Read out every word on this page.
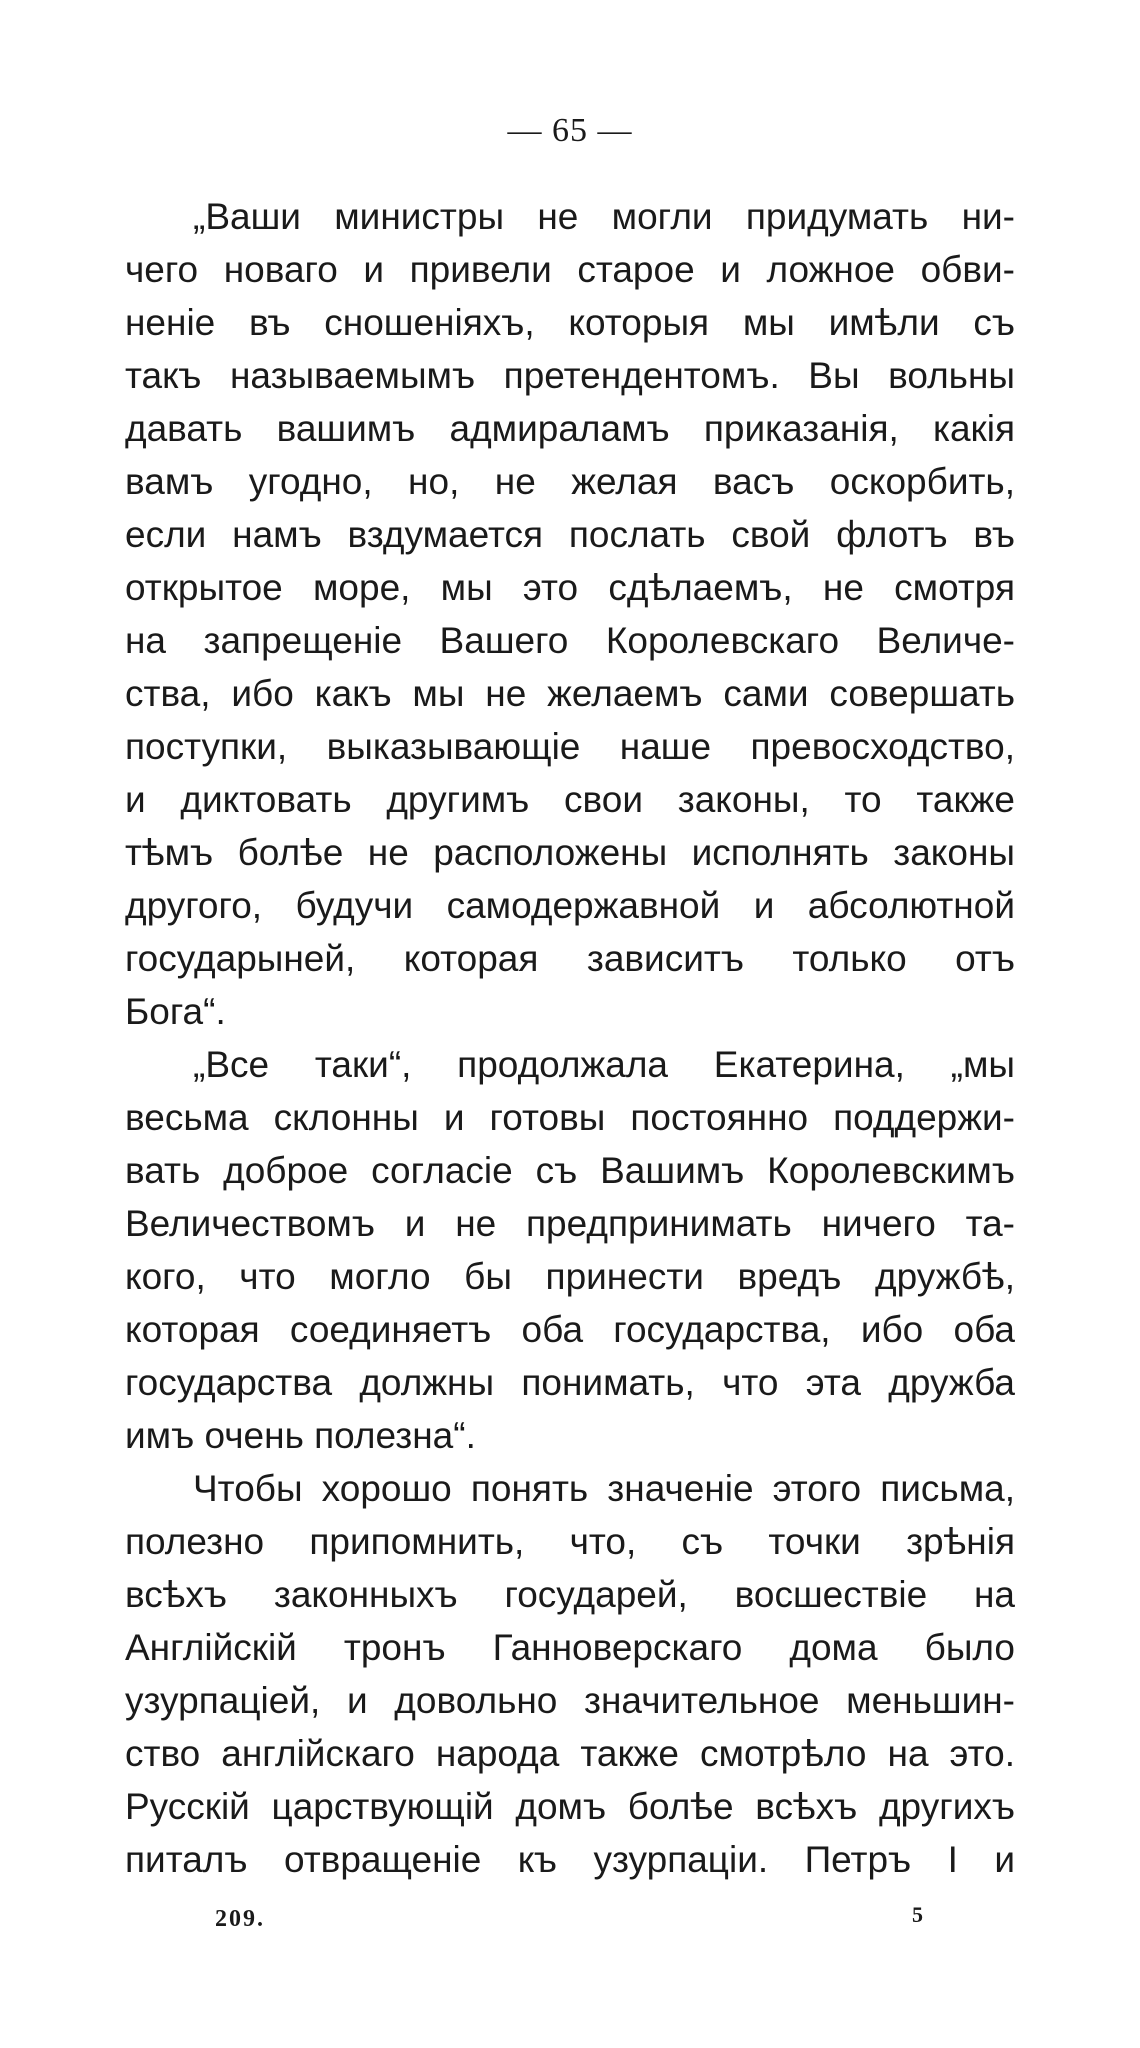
— 65 —
„Ваши министры не могли придумать ни-
чего новаго и привели старое и ложное обви-
неніе въ сношеніяхъ, которыя мы имѣли съ
такъ называемымъ претендентомъ. Вы вольны
давать вашимъ адмираламъ приказанія, какія
вамъ угодно, но, не желая васъ оскорбить,
если намъ вздумается послать свой флотъ въ
открытое море, мы это сдѣлаемъ, не смотря
на запрещеніе Вашего Королевскаго Величе-
ства, ибо какъ мы не желаемъ сами совершать
поступки, выказывающіе наше превосходство,
и диктовать другимъ свои законы, то также
тѣмъ болѣе не расположены исполнять законы
другого, будучи самодержавной и абсолютной
государыней, которая зависитъ только отъ
Бога“.
„Все таки“, продолжала Екатерина, „мы
весьма склонны и готовы постоянно поддержи-
вать доброе согласіе съ Вашимъ Королевскимъ
Величествомъ и не предпринимать ничего та-
кого, что могло бы принести вредъ дружбѣ,
которая соединяетъ оба государства, ибо оба
государства должны понимать, что эта дружба
имъ очень полезна“.
Чтобы хорошо понять значеніе этого письма,
полезно припомнить, что, съ точки зрѣнія
всѣхъ законныхъ государей, восшествіе на
Англійскій тронъ Ганноверскаго дома было
узурпаціей, и довольно значительное меньшин-
ство англійскаго народа также смотрѣло на это.
Русскій царствующій домъ болѣе всѣхъ другихъ
питалъ отвращеніе къ узурпаціи. Петръ I и
209.	5
